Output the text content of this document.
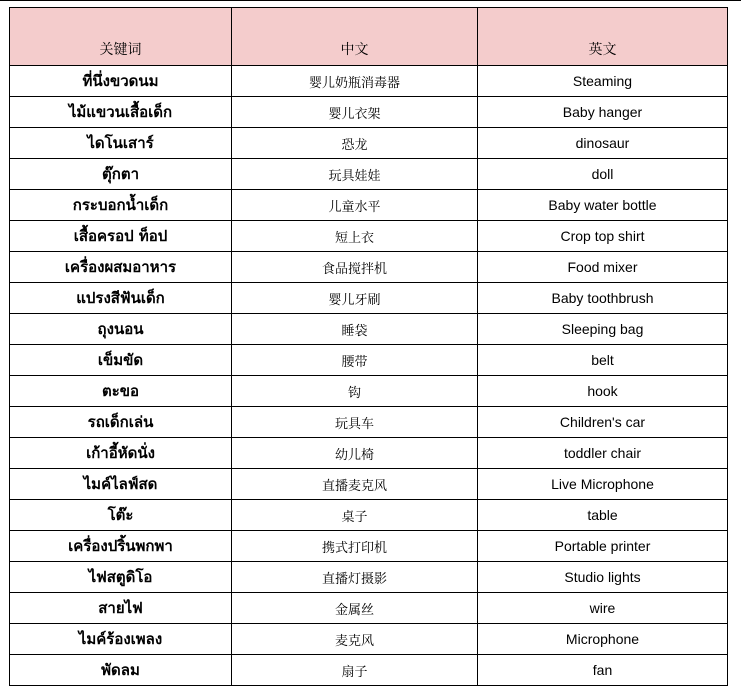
关键词	中文	英文
ที่นึ่งขวดนม	婴儿奶瓶消毒器	Steaming
ไม้แขวนเสื้อเด็ก	婴儿衣架	Baby hanger
ไดโนเสาร์	恐龙	dinosaur
ตุ๊กตา	玩具娃娃	doll
กระบอกน้ำเด็ก	儿童水平	Baby water bottle
เสื้อครอป ท็อป	短上衣	Crop top shirt
เครื่องผสมอาหาร	食品搅拌机	Food mixer
แปรงสีฟันเด็ก	婴儿牙刷	Baby toothbrush
ถุงนอน	睡袋	Sleeping bag
เข็มขัด	腰带	belt
ตะขอ	钩	hook
รถเด็กเล่น	玩具车	Children's car
เก้าอี้หัดนั่ง	幼儿椅	toddler chair
ไมค์ไลฟ์สด	直播麦克风	Live Microphone
โต๊ะ	桌子	table
เครื่องปริ้นพกพา	携式打印机	Portable printer
ไฟสตูดิโอ	直播灯摄影	Studio lights
สายไฟ	金属丝	wire
ไมค์ร้องเพลง	麦克风	Microphone
พัดลม	扇子	fan
